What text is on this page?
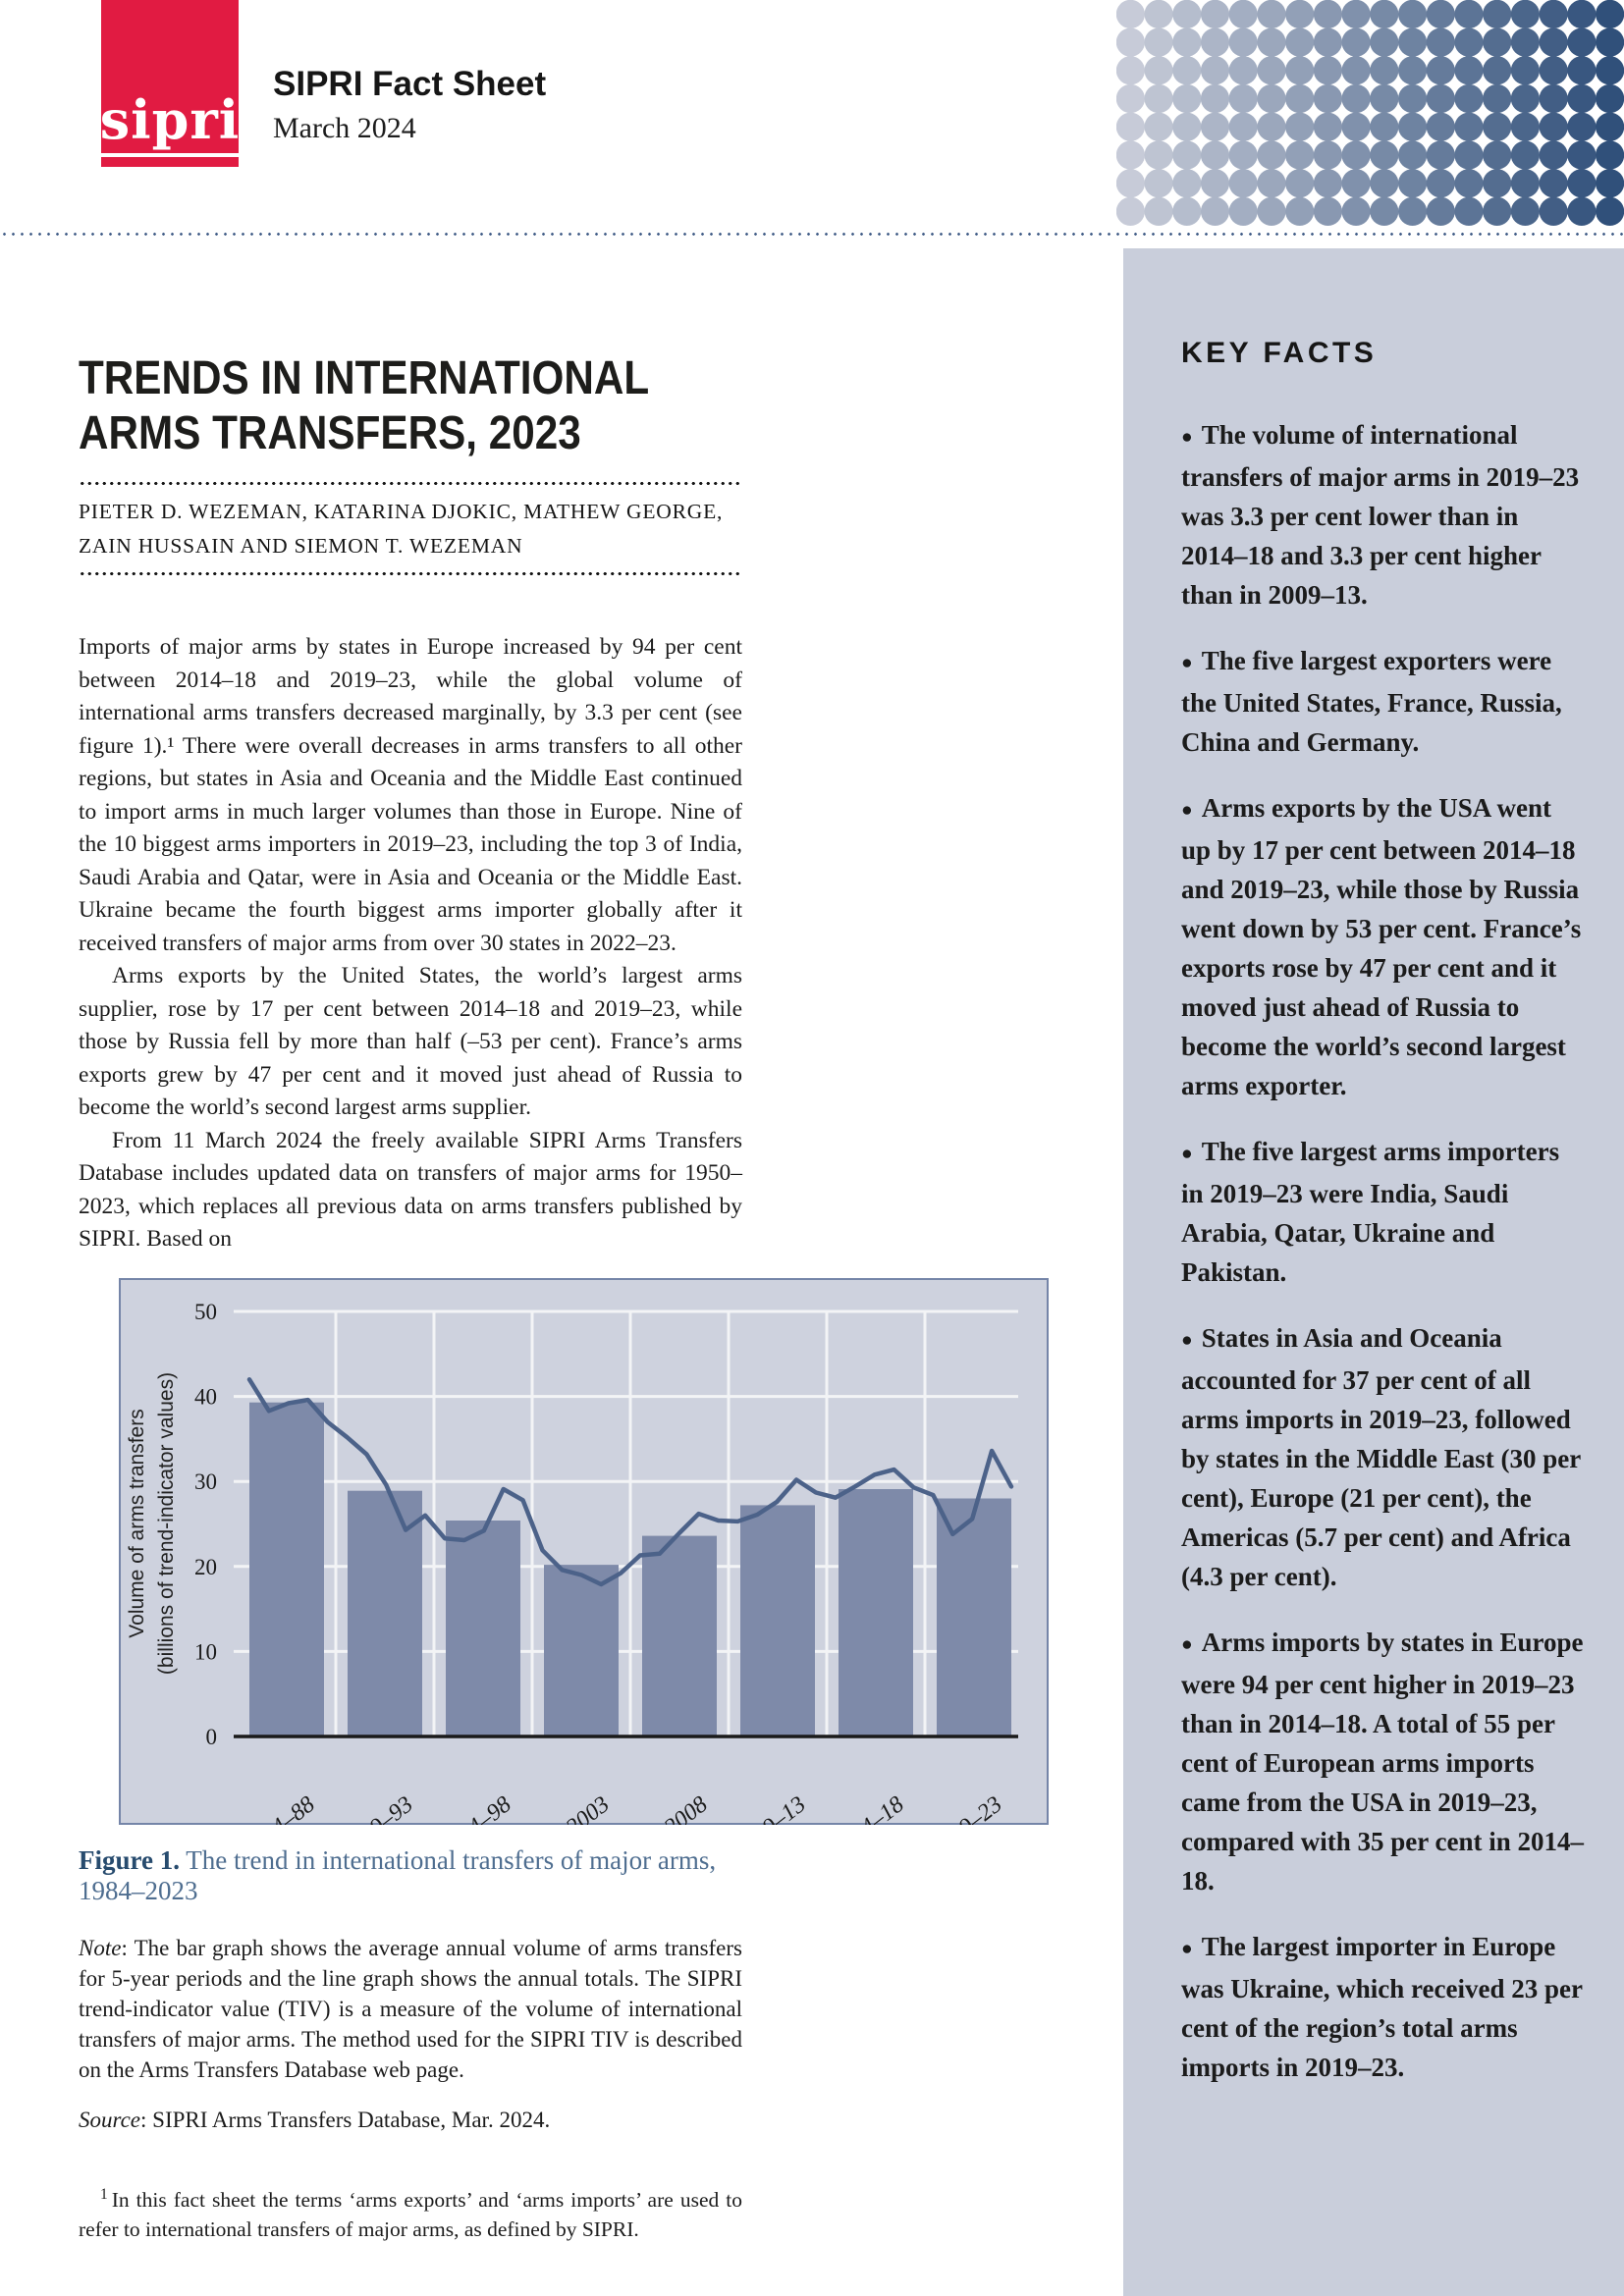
sipri
SIPRI Fact Sheet
March 2024

KEY FACTS

● The volume of international transfers of major arms in 2019–23 was 3.3 per cent lower than in 2014–18 and 3.3 per cent higher than in 2009–13.

● The five largest exporters were the United States, France, Russia, China and Germany.

● Arms exports by the USA went up by 17 per cent between 2014–18 and 2019–23, while those by Russia went down by 53 per cent. France’s exports rose by 47 per cent and it moved just ahead of Russia to become the world’s second largest arms exporter.

● The five largest arms importers in 2019–23 were India, Saudi Arabia, Qatar, Ukraine and Pakistan.

● States in Asia and Oceania accounted for 37 per cent of all arms imports in 2019–23, followed by states in the Middle East (30 per cent), Europe (21 per cent), the Americas (5.7 per cent) and Africa (4.3 per cent).

● Arms imports by states in Europe were 94 per cent higher in 2019–23 than in 2014–18. A total of 55 per cent of European arms imports came from the USA in 2019–23, compared with 35 per cent in 2014–18.

● The largest importer in Europe was Ukraine, which received 23 per cent of the region’s total arms imports in 2019–23.

TRENDS IN INTERNATIONAL
ARMS TRANSFERS, 2023
PIETER D. WEZEMAN, KATARINA DJOKIC, MATHEW GEORGE, ZAIN HUSSAIN AND SIEMON T. WEZEMAN

Imports of major arms by states in Europe increased by 94 per cent between 2014–18 and 2019–23, while the global volume of international arms transfers decreased marginally, by 3.3 per cent (see figure 1).¹ There were overall decreases in arms transfers to all other regions, but states in Asia and Oceania and the Middle East continued to import arms in much larger volumes than those in Europe. Nine of the 10 biggest arms importers in 2019–23, including the top 3 of India, Saudi Arabia and Qatar, were in Asia and Oceania or the Middle East. Ukraine became the fourth biggest arms importer globally after it received transfers of major arms from over 30 states in 2022–23.

Arms exports by the United States, the world’s largest arms supplier, rose by 17 per cent between 2014–18 and 2019–23, while those by Russia fell by more than half (–53 per cent). France’s arms exports grew by 47 per cent and it moved just ahead of Russia to become the world’s second largest arms supplier.

From 11 March 2024 the freely available SIPRI Arms Transfers Database includes updated data on transfers of major arms for 1950–2023, which replaces all previous data on arms transfers published by SIPRI. Based on

0
10
20
30
40
50
Volume of arms transfers (billions of trend-indicator values)

Figure 1. The trend in international transfers of major arms, 1984–2023

Note: The bar graph shows the average annual volume of arms transfers for 5-year periods and the line graph shows the annual totals. The SIPRI trend-indicator value (TIV) is a measure of the volume of international transfers of major arms. The method used for the SIPRI TIV is described on the Arms Transfers Database web page.

Source: SIPRI Arms Transfers Database, Mar. 2024.

$^1$ In this fact sheet the terms ‘arms exports’ and ‘arms imports’ are used to refer to international transfers of major arms, as defined by SIPRI.
